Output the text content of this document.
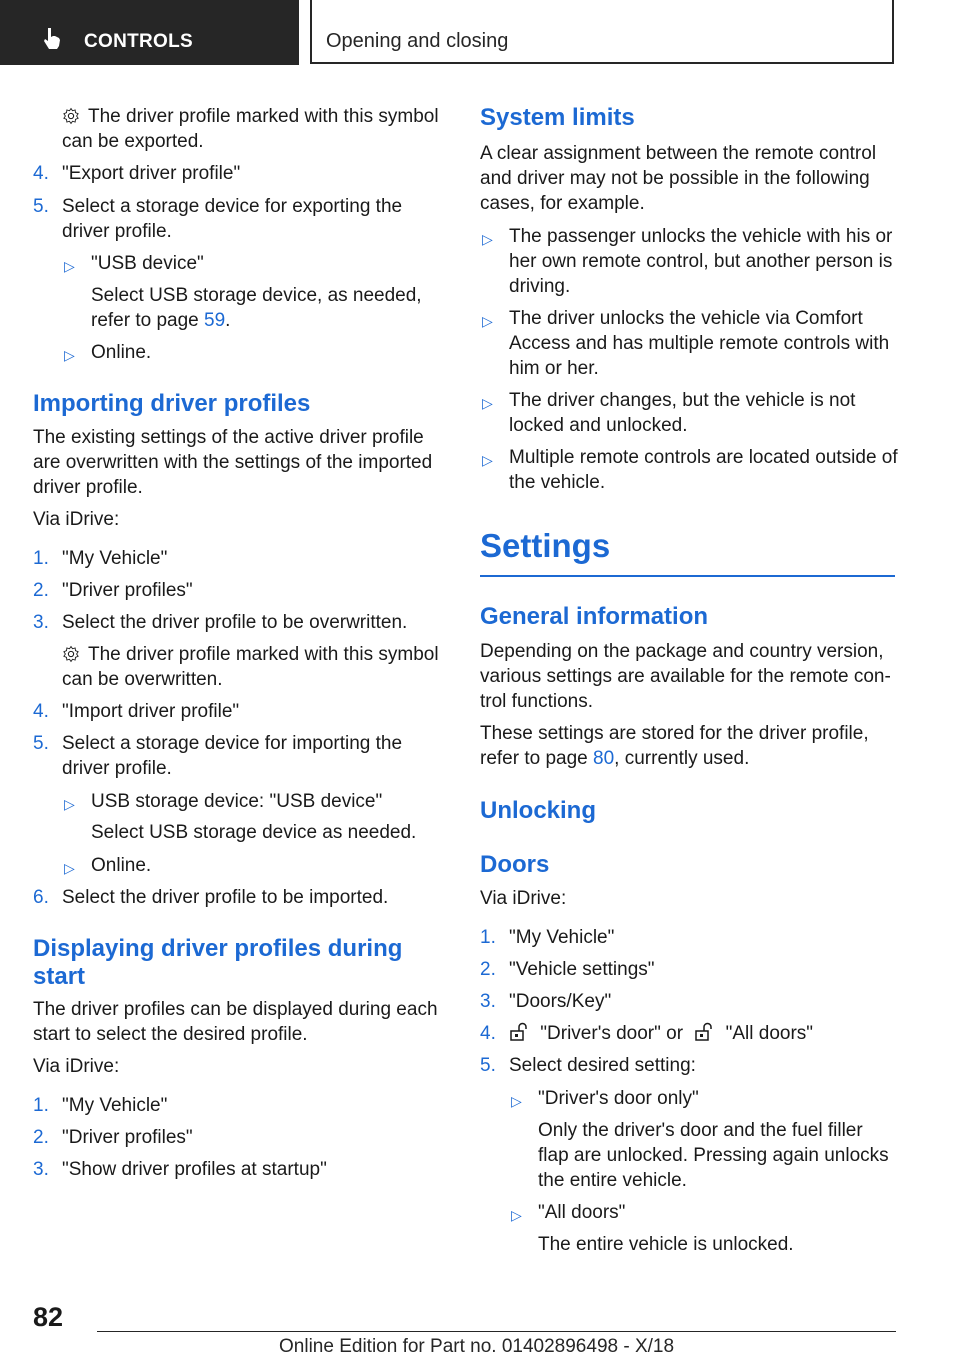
CONTROLS	Opening and closing
The driver profile marked with this symbol can be exported.
4. "Export driver profile"
5. Select a storage device for exporting the driver profile.
▷ "USB device"
Select USB storage device, as needed, refer to page 59.
▷ Online.
Importing driver profiles
The existing settings of the active driver profile are overwritten with the settings of the imported driver profile.
Via iDrive:
1. "My Vehicle"
2. "Driver profiles"
3. Select the driver profile to be overwritten.
The driver profile marked with this symbol can be overwritten.
4. "Import driver profile"
5. Select a storage device for importing the driver profile.
▷ USB storage device: "USB device"
Select USB storage device as needed.
▷ Online.
6. Select the driver profile to be imported.
Displaying driver profiles during start
The driver profiles can be displayed during each start to select the desired profile.
Via iDrive:
1. "My Vehicle"
2. "Driver profiles"
3. "Show driver profiles at startup"
System limits
A clear assignment between the remote control and driver may not be possible in the following cases, for example.
▷ The passenger unlocks the vehicle with his or her own remote control, but another person is driving.
▷ The driver unlocks the vehicle via Comfort Access and has multiple remote controls with him or her.
▷ The driver changes, but the vehicle is not locked and unlocked.
▷ Multiple remote controls are located outside of the vehicle.
Settings
General information
Depending on the package and country version, various settings are available for the remote con-trol functions.
These settings are stored for the driver profile, refer to page 80, currently used.
Unlocking
Doors
Via iDrive:
1. "My Vehicle"
2. "Vehicle settings"
3. "Doors/Key"
4.	"Driver's door" or "All doors"
5. Select desired setting:
▷ "Driver's door only"
Only the driver's door and the fuel filler flap are unlocked. Pressing again unlocks the entire vehicle.
▷ "All doors"
The entire vehicle is unlocked.
82
Online Edition for Part no. 01402896498 - X/18
